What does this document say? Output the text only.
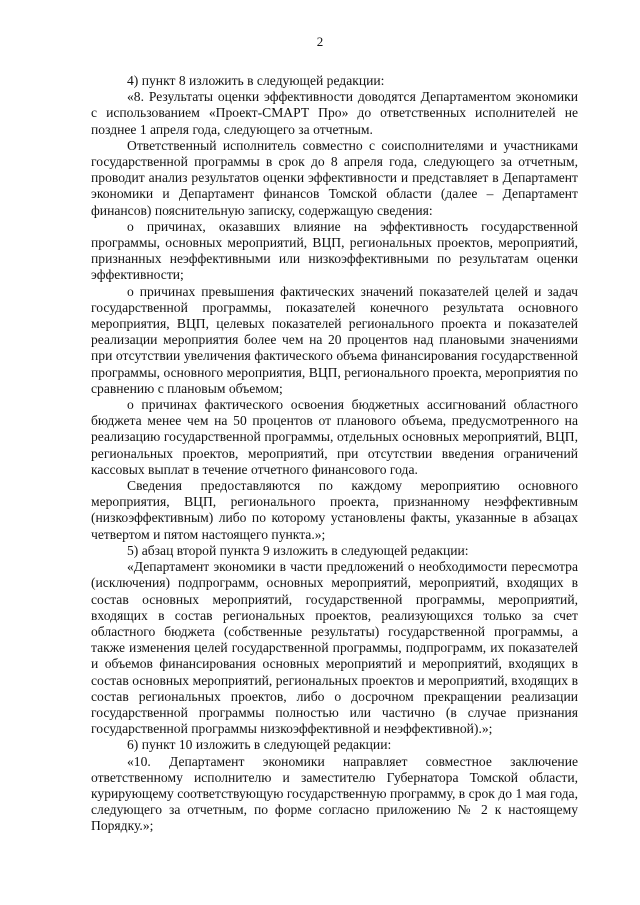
2

4) пункт 8 изложить в следующей редакции:

«8. Результаты оценки эффективности доводятся Департаментом экономики с использованием «Проект-СМАРТ Про» до ответственных исполнителей не позднее 1 апреля года, следующего за отчетным.

Ответственный исполнитель совместно с соисполнителями и участниками государственной программы в срок до 8 апреля года, следующего за отчетным, проводит анализ результатов оценки эффективности и представляет в Департамент экономики и Департамент финансов Томской области (далее – Департамент финансов) пояснительную записку, содержащую сведения:

о причинах, оказавших влияние на эффективность государственной программы, основных мероприятий, ВЦП, региональных проектов, мероприятий, признанных неэффективными или низкоэффективными по результатам оценки эффективности;

о причинах превышения фактических значений показателей целей и задач государственной программы, показателей конечного результата основного мероприятия, ВЦП, целевых показателей регионального проекта и показателей реализации мероприятия более чем на 20 процентов над плановыми значениями при отсутствии увеличения фактического объема финансирования государственной программы, основного мероприятия, ВЦП, регионального проекта, мероприятия по сравнению с плановым объемом;

о причинах фактического освоения бюджетных ассигнований областного бюджета менее чем на 50 процентов от планового объема, предусмотренного на реализацию государственной программы, отдельных основных мероприятий, ВЦП, региональных проектов, мероприятий, при отсутствии введения ограничений кассовых выплат в течение отчетного финансового года.

Сведения предоставляются по каждому мероприятию основного мероприятия, ВЦП, регионального проекта, признанному неэффективным (низкоэффективным) либо по которому установлены факты, указанные в абзацах четвертом и пятом настоящего пункта.»;

5) абзац второй пункта 9 изложить в следующей редакции:

«Департамент экономики в части предложений о необходимости пересмотра (исключения) подпрограмм, основных мероприятий, мероприятий, входящих в состав основных мероприятий, государственной программы, мероприятий, входящих в состав региональных проектов, реализующихся только за счет областного бюджета (собственные результаты) государственной программы, а также изменения целей государственной программы, подпрограмм, их показателей и объемов финансирования основных мероприятий и мероприятий, входящих в состав основных мероприятий, региональных проектов и мероприятий, входящих в состав региональных проектов, либо о досрочном прекращении реализации государственной программы полностью или частично (в случае признания государственной программы низкоэффективной и неэффективной).»;

6) пункт 10 изложить в следующей редакции:

«10. Департамент экономики направляет совместное заключение ответственному исполнителю и заместителю Губернатора Томской области, курирующему соответствующую государственную программу, в срок до 1 мая года, следующего за отчетным, по форме согласно приложению № 2 к настоящему Порядку.»;
